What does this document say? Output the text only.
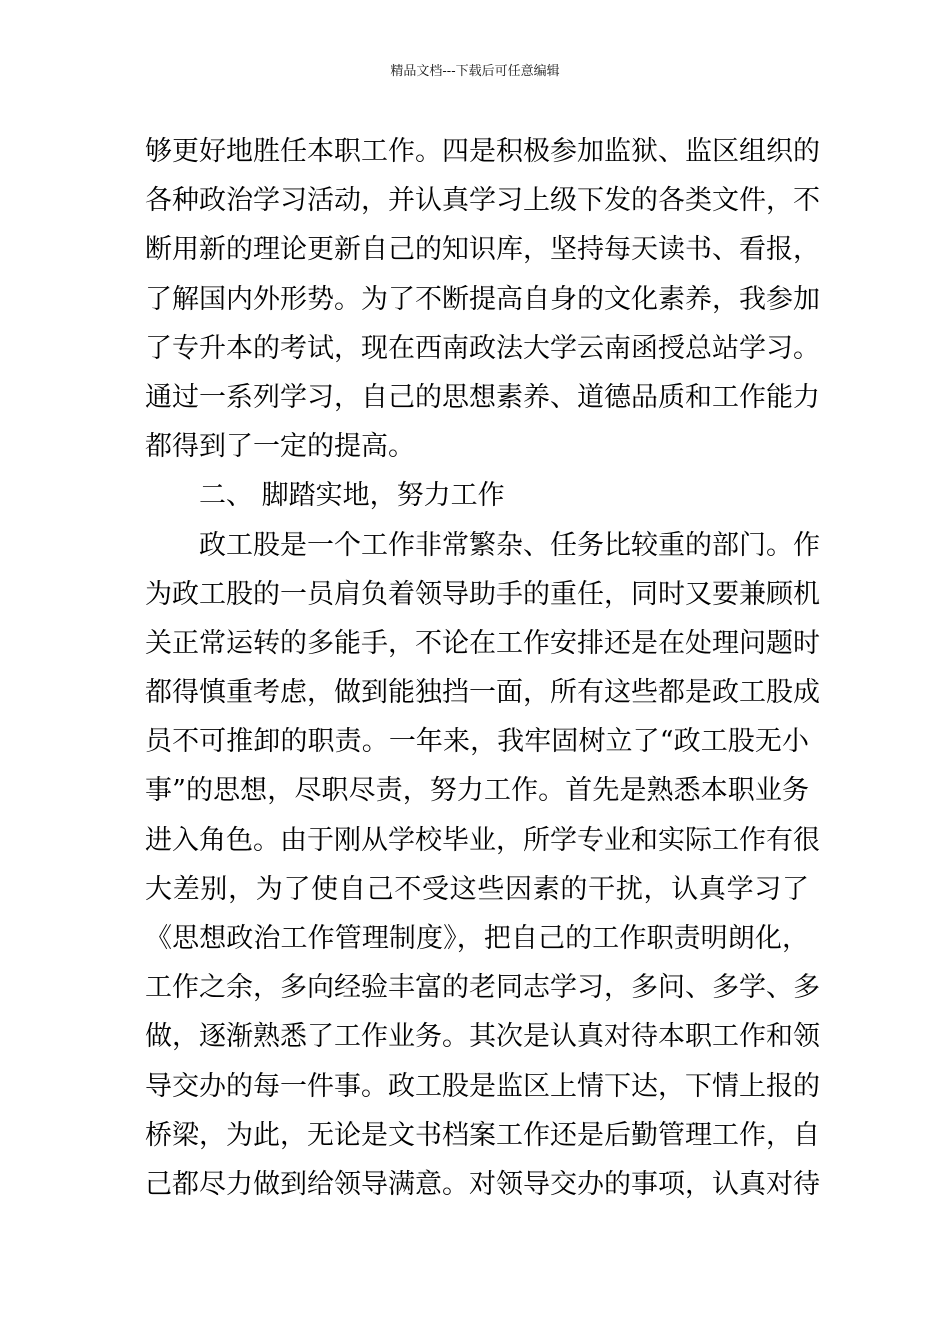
精品文档---下载后可任意编辑
够更好地胜任本职工作。四是积极参加监狱、监区组织的
各种政治学习活动，并认真学习上级下发的各类文件，不
断用新的理论更新自己的知识库，坚持每天读书、看报，
了解国内外形势。为了不断提高自身的文化素养，我参加
了专升本的考试，现在西南政法大学云南函授总站学习。
通过一系列学习，自己的思想素养、道德品质和工作能力
都得到了一定的提高。
二、 脚踏实地，努力工作
政工股是一个工作非常繁杂、任务比较重的部门。作
为政工股的一员肩负着领导助手的重任，同时又要兼顾机
关正常运转的多能手，不论在工作安排还是在处理问题时
都得慎重考虑，做到能独挡一面，所有这些都是政工股成
员不可推卸的职责。一年来，我牢固树立了“政工股无小
事”的思想，尽职尽责，努力工作。首先是熟悉本职业务
进入角色。由于刚从学校毕业，所学专业和实际工作有很
大差别，为了使自己不受这些因素的干扰，认真学习了
《思想政治工作管理制度》，把自己的工作职责明朗化，
工作之余，多向经验丰富的老同志学习，多问、多学、多
做，逐渐熟悉了工作业务。其次是认真对待本职工作和领
导交办的每一件事。政工股是监区上情下达，下情上报的
桥梁，为此，无论是文书档案工作还是后勤管理工作，自
己都尽力做到给领导满意。对领导交办的事项，认真对待
